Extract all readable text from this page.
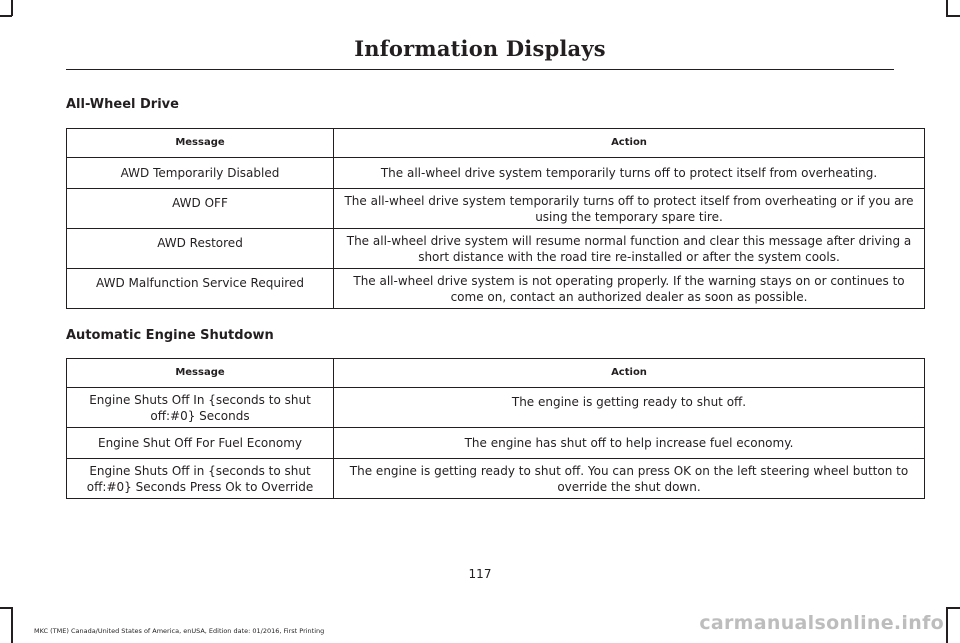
Information Displays
All-Wheel Drive
Message	Action
AWD Temporarily Disabled	The all-wheel drive system temporarily turns off to protect itself from overheating.
AWD OFF	The all-wheel drive system temporarily turns off to protect itself from overheating or if you are using the temporary spare tire.
AWD Restored	The all-wheel drive system will resume normal function and clear this message after driving a short distance with the road tire re-installed or after the system cools.
AWD Malfunction Service Required	The all-wheel drive system is not operating properly. If the warning stays on or continues to come on, contact an authorized dealer as soon as possible.
Automatic Engine Shutdown
Message	Action
Engine Shuts Off In {seconds to shut off:#0} Seconds	The engine is getting ready to shut off.
Engine Shut Off For Fuel Economy	The engine has shut off to help increase fuel economy.
Engine Shuts Off in {seconds to shut off:#0} Seconds Press Ok to Override	The engine is getting ready to shut off. You can press OK on the left steering wheel button to override the shut down.
117
MKC (TME) Canada/United States of America, enUSA, Edition date: 01/2016, First Printing	carmanualsonline.info
